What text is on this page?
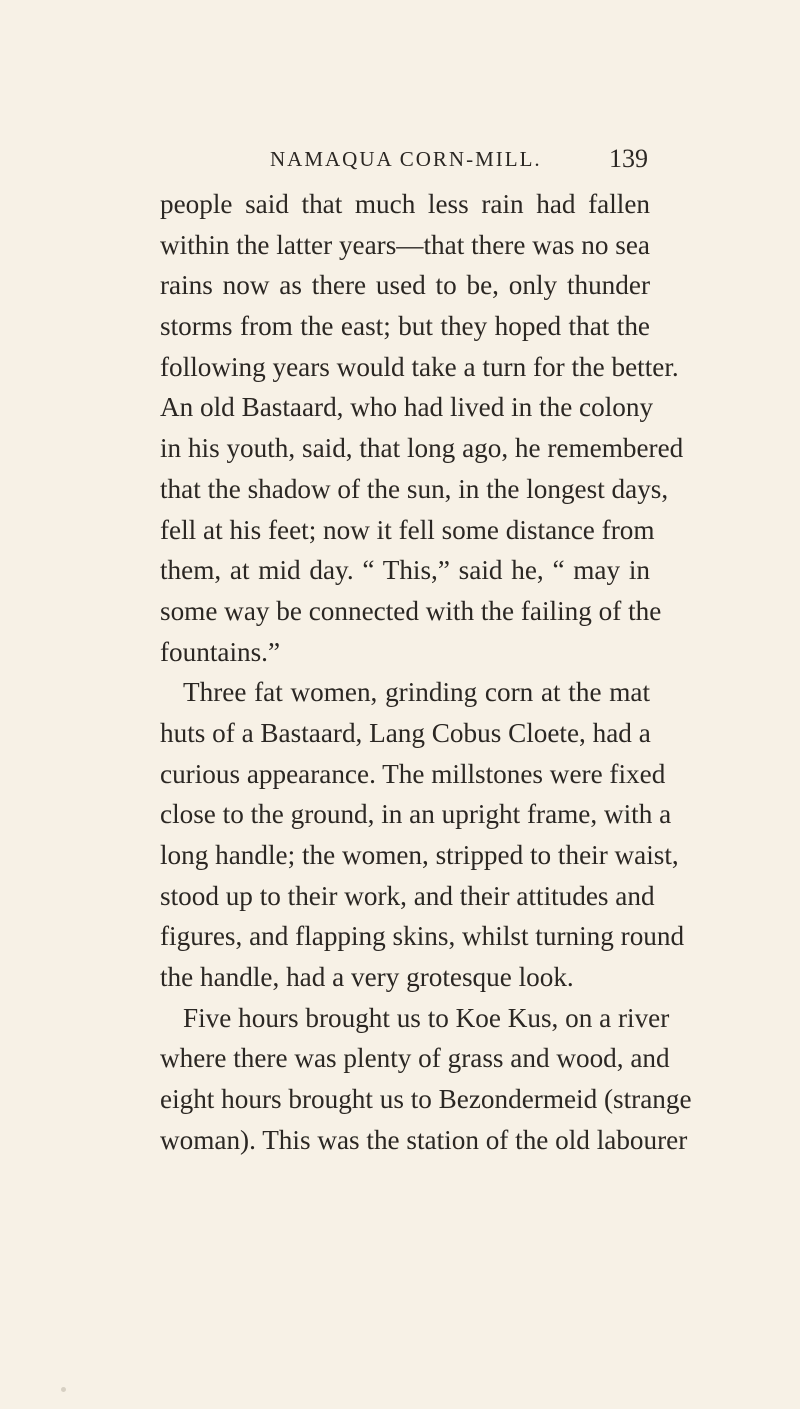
NAMAQUA CORN-MILL.	139
people said that much less rain had fallen
within the latter years—that there was no sea
rains now as there used to be, only thunder
storms from the east; but they hoped that the
following years would take a turn for the better.
An old Bastaard, who had lived in the colony
in his youth, said, that long ago, he remembered
that the shadow of the sun, in the longest days,
fell at his feet; now it fell some distance from
them, at mid day. “ This,” said he, “ may in
some way be connected with the failing of the
fountains.”
Three fat women, grinding corn at the mat
huts of a Bastaard, Lang Cobus Cloete, had a
curious appearance. The millstones were fixed
close to the ground, in an upright frame, with a
long handle; the women, stripped to their waist,
stood up to their work, and their attitudes and
figures, and flapping skins, whilst turning round
the handle, had a very grotesque look.
Five hours brought us to Koe Kus, on a river
where there was plenty of grass and wood, and
eight hours brought us to Bezondermeid (strange
woman). This was the station of the old labourer
